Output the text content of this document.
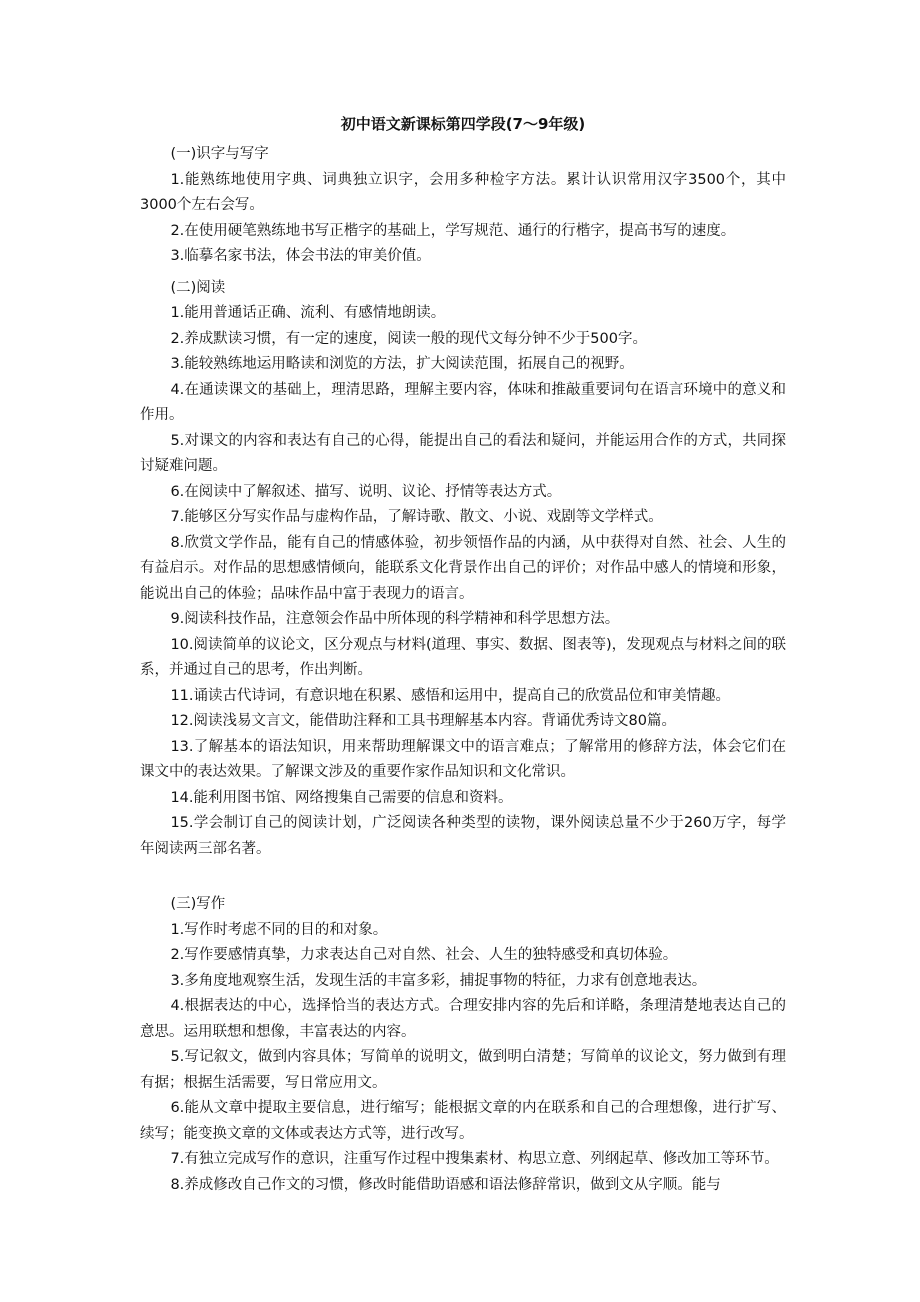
初中语文新课标第四学段(7～9年级)

(一)识字与写字

1.能熟练地使用字典、词典独立识字，会用多种检字方法。累计认识常用汉字3500个，其中3000个左右会写。

2.在使用硬笔熟练地书写正楷字的基础上，学写规范、通行的行楷字，提高书写的速度。

3.临摹名家书法，体会书法的审美价值。

(二)阅读

1.能用普通话正确、流利、有感情地朗读。

2.养成默读习惯，有一定的速度，阅读一般的现代文每分钟不少于500字。

3.能较熟练地运用略读和浏览的方法，扩大阅读范围，拓展自己的视野。

4.在通读课文的基础上，理清思路，理解主要内容，体味和推敲重要词句在语言环境中的意义和作用。

5.对课文的内容和表达有自己的心得，能提出自己的看法和疑问，并能运用合作的方式，共同探讨疑难问题。

6.在阅读中了解叙述、描写、说明、议论、抒情等表达方式。

7.能够区分写实作品与虚构作品，了解诗歌、散文、小说、戏剧等文学样式。

8.欣赏文学作品，能有自己的情感体验，初步领悟作品的内涵，从中获得对自然、社会、人生的有益启示。对作品的思想感情倾向，能联系文化背景作出自己的评价；对作品中感人的情境和形象，能说出自己的体验；品味作品中富于表现力的语言。

9.阅读科技作品，注意领会作品中所体现的科学精神和科学思想方法。

10.阅读简单的议论文，区分观点与材料(道理、事实、数据、图表等)，发现观点与材料之间的联系，并通过自己的思考，作出判断。

11.诵读古代诗词，有意识地在积累、感悟和运用中，提高自己的欣赏品位和审美情趣。

12.阅读浅易文言文，能借助注释和工具书理解基本内容。背诵优秀诗文80篇。

13.了解基本的语法知识，用来帮助理解课文中的语言难点；了解常用的修辞方法，体会它们在课文中的表达效果。了解课文涉及的重要作家作品知识和文化常识。

14.能利用图书馆、网络搜集自己需要的信息和资料。

15.学会制订自己的阅读计划，广泛阅读各种类型的读物，课外阅读总量不少于260万字，每学年阅读两三部名著。

(三)写作

1.写作时考虑不同的目的和对象。

2.写作要感情真挚，力求表达自己对自然、社会、人生的独特感受和真切体验。

3.多角度地观察生活，发现生活的丰富多彩，捕捉事物的特征，力求有创意地表达。

4.根据表达的中心，选择恰当的表达方式。合理安排内容的先后和详略，条理清楚地表达自己的意思。运用联想和想像，丰富表达的内容。

5.写记叙文，做到内容具体；写简单的说明文，做到明白清楚；写简单的议论文，努力做到有理有据；根据生活需要，写日常应用文。

6.能从文章中提取主要信息，进行缩写；能根据文章的内在联系和自己的合理想像，进行扩写、续写；能变换文章的文体或表达方式等，进行改写。

7.有独立完成写作的意识，注重写作过程中搜集素材、构思立意、列纲起草、修改加工等环节。

8.养成修改自己作文的习惯，修改时能借助语感和语法修辞常识，做到文从字顺。能与
